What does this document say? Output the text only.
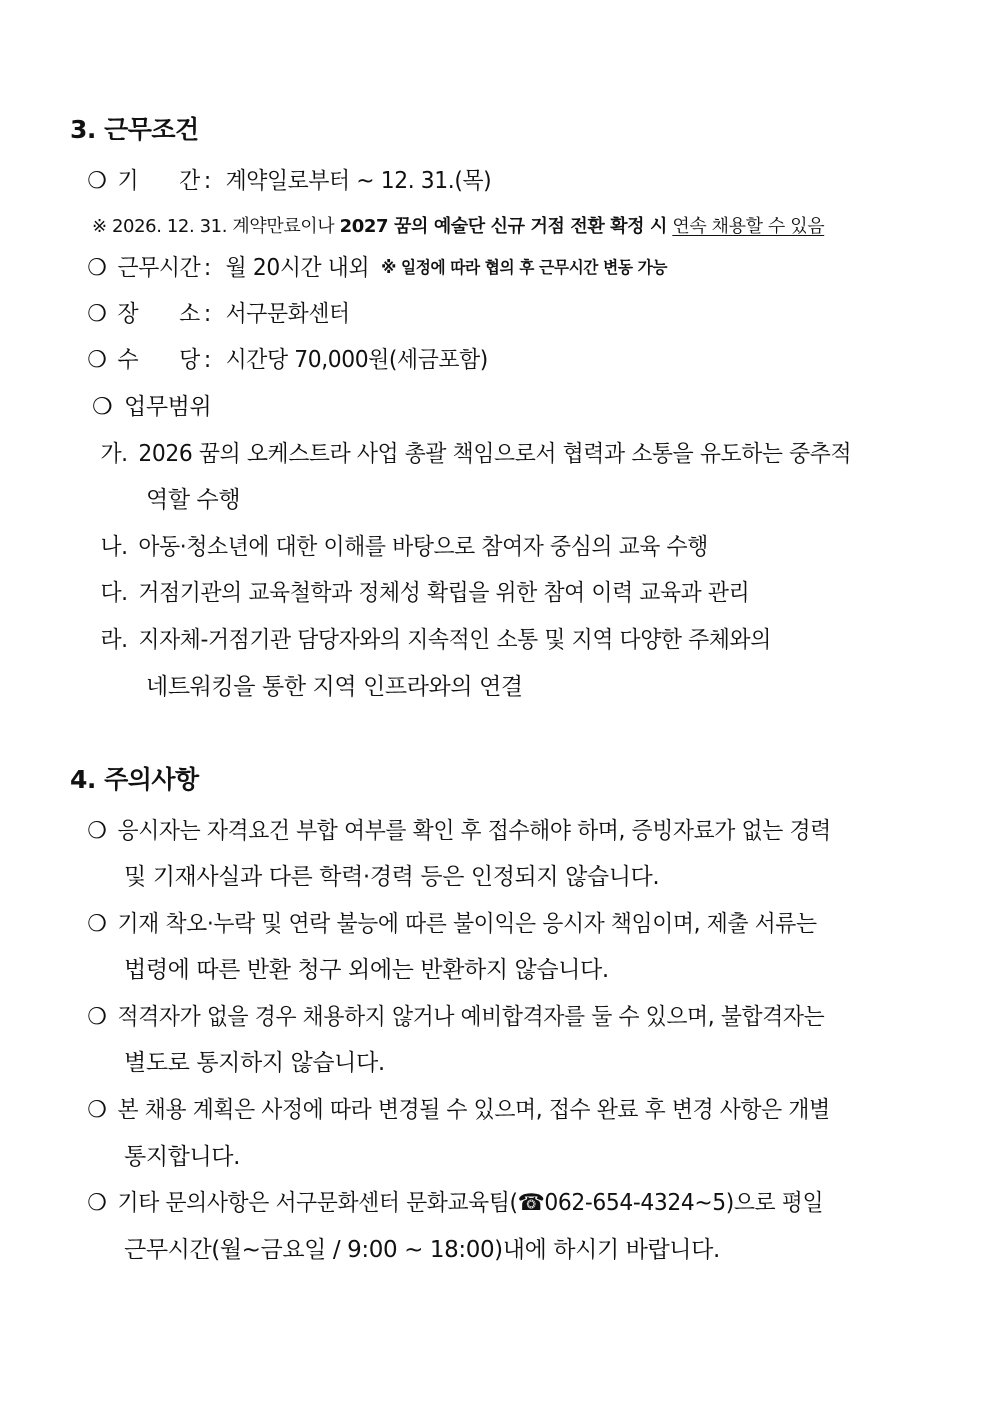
3. 근무조건
❍ 기 간 : 계약일로부터 ~ 12. 31.(목)
※ 2026. 12. 31. 계약만료이나 2027 꿈의 예술단 신규 거점 전환 확정 시 연속 채용할 수 있음
❍ 근무시간 : 월 20시간 내외 ※ 일정에 따라 협의 후 근무시간 변동 가능
❍ 장 소 : 서구문화센터
❍ 수 당 : 시간당 70,000원(세금포함)
❍ 업무범위
가. 2026 꿈의 오케스트라 사업 총괄 책임으로서 협력과 소통을 유도하는 중추적
역할 수행
나. 아동·청소년에 대한 이해를 바탕으로 참여자 중심의 교육 수행
다. 거점기관의 교육철학과 정체성 확립을 위한 참여 이력 교육과 관리
라. 지자체-거점기관 담당자와의 지속적인 소통 및 지역 다양한 주체와의
네트워킹을 통한 지역 인프라와의 연결
4. 주의사항
❍ 응시자는 자격요건 부합 여부를 확인 후 접수해야 하며, 증빙자료가 없는 경력
및 기재사실과 다른 학력·경력 등은 인정되지 않습니다.
❍ 기재 착오·누락 및 연락 불능에 따른 불이익은 응시자 책임이며, 제출 서류는
법령에 따른 반환 청구 외에는 반환하지 않습니다.
❍ 적격자가 없을 경우 채용하지 않거나 예비합격자를 둘 수 있으며, 불합격자는
별도로 통지하지 않습니다.
❍ 본 채용 계획은 사정에 따라 변경될 수 있으며, 접수 완료 후 변경 사항은 개별
통지합니다.
❍ 기타 문의사항은 서구문화센터 문화교육팀(☎062-654-4324~5)으로 평일
근무시간(월~금요일 / 9:00 ~ 18:00)내에 하시기 바랍니다.
